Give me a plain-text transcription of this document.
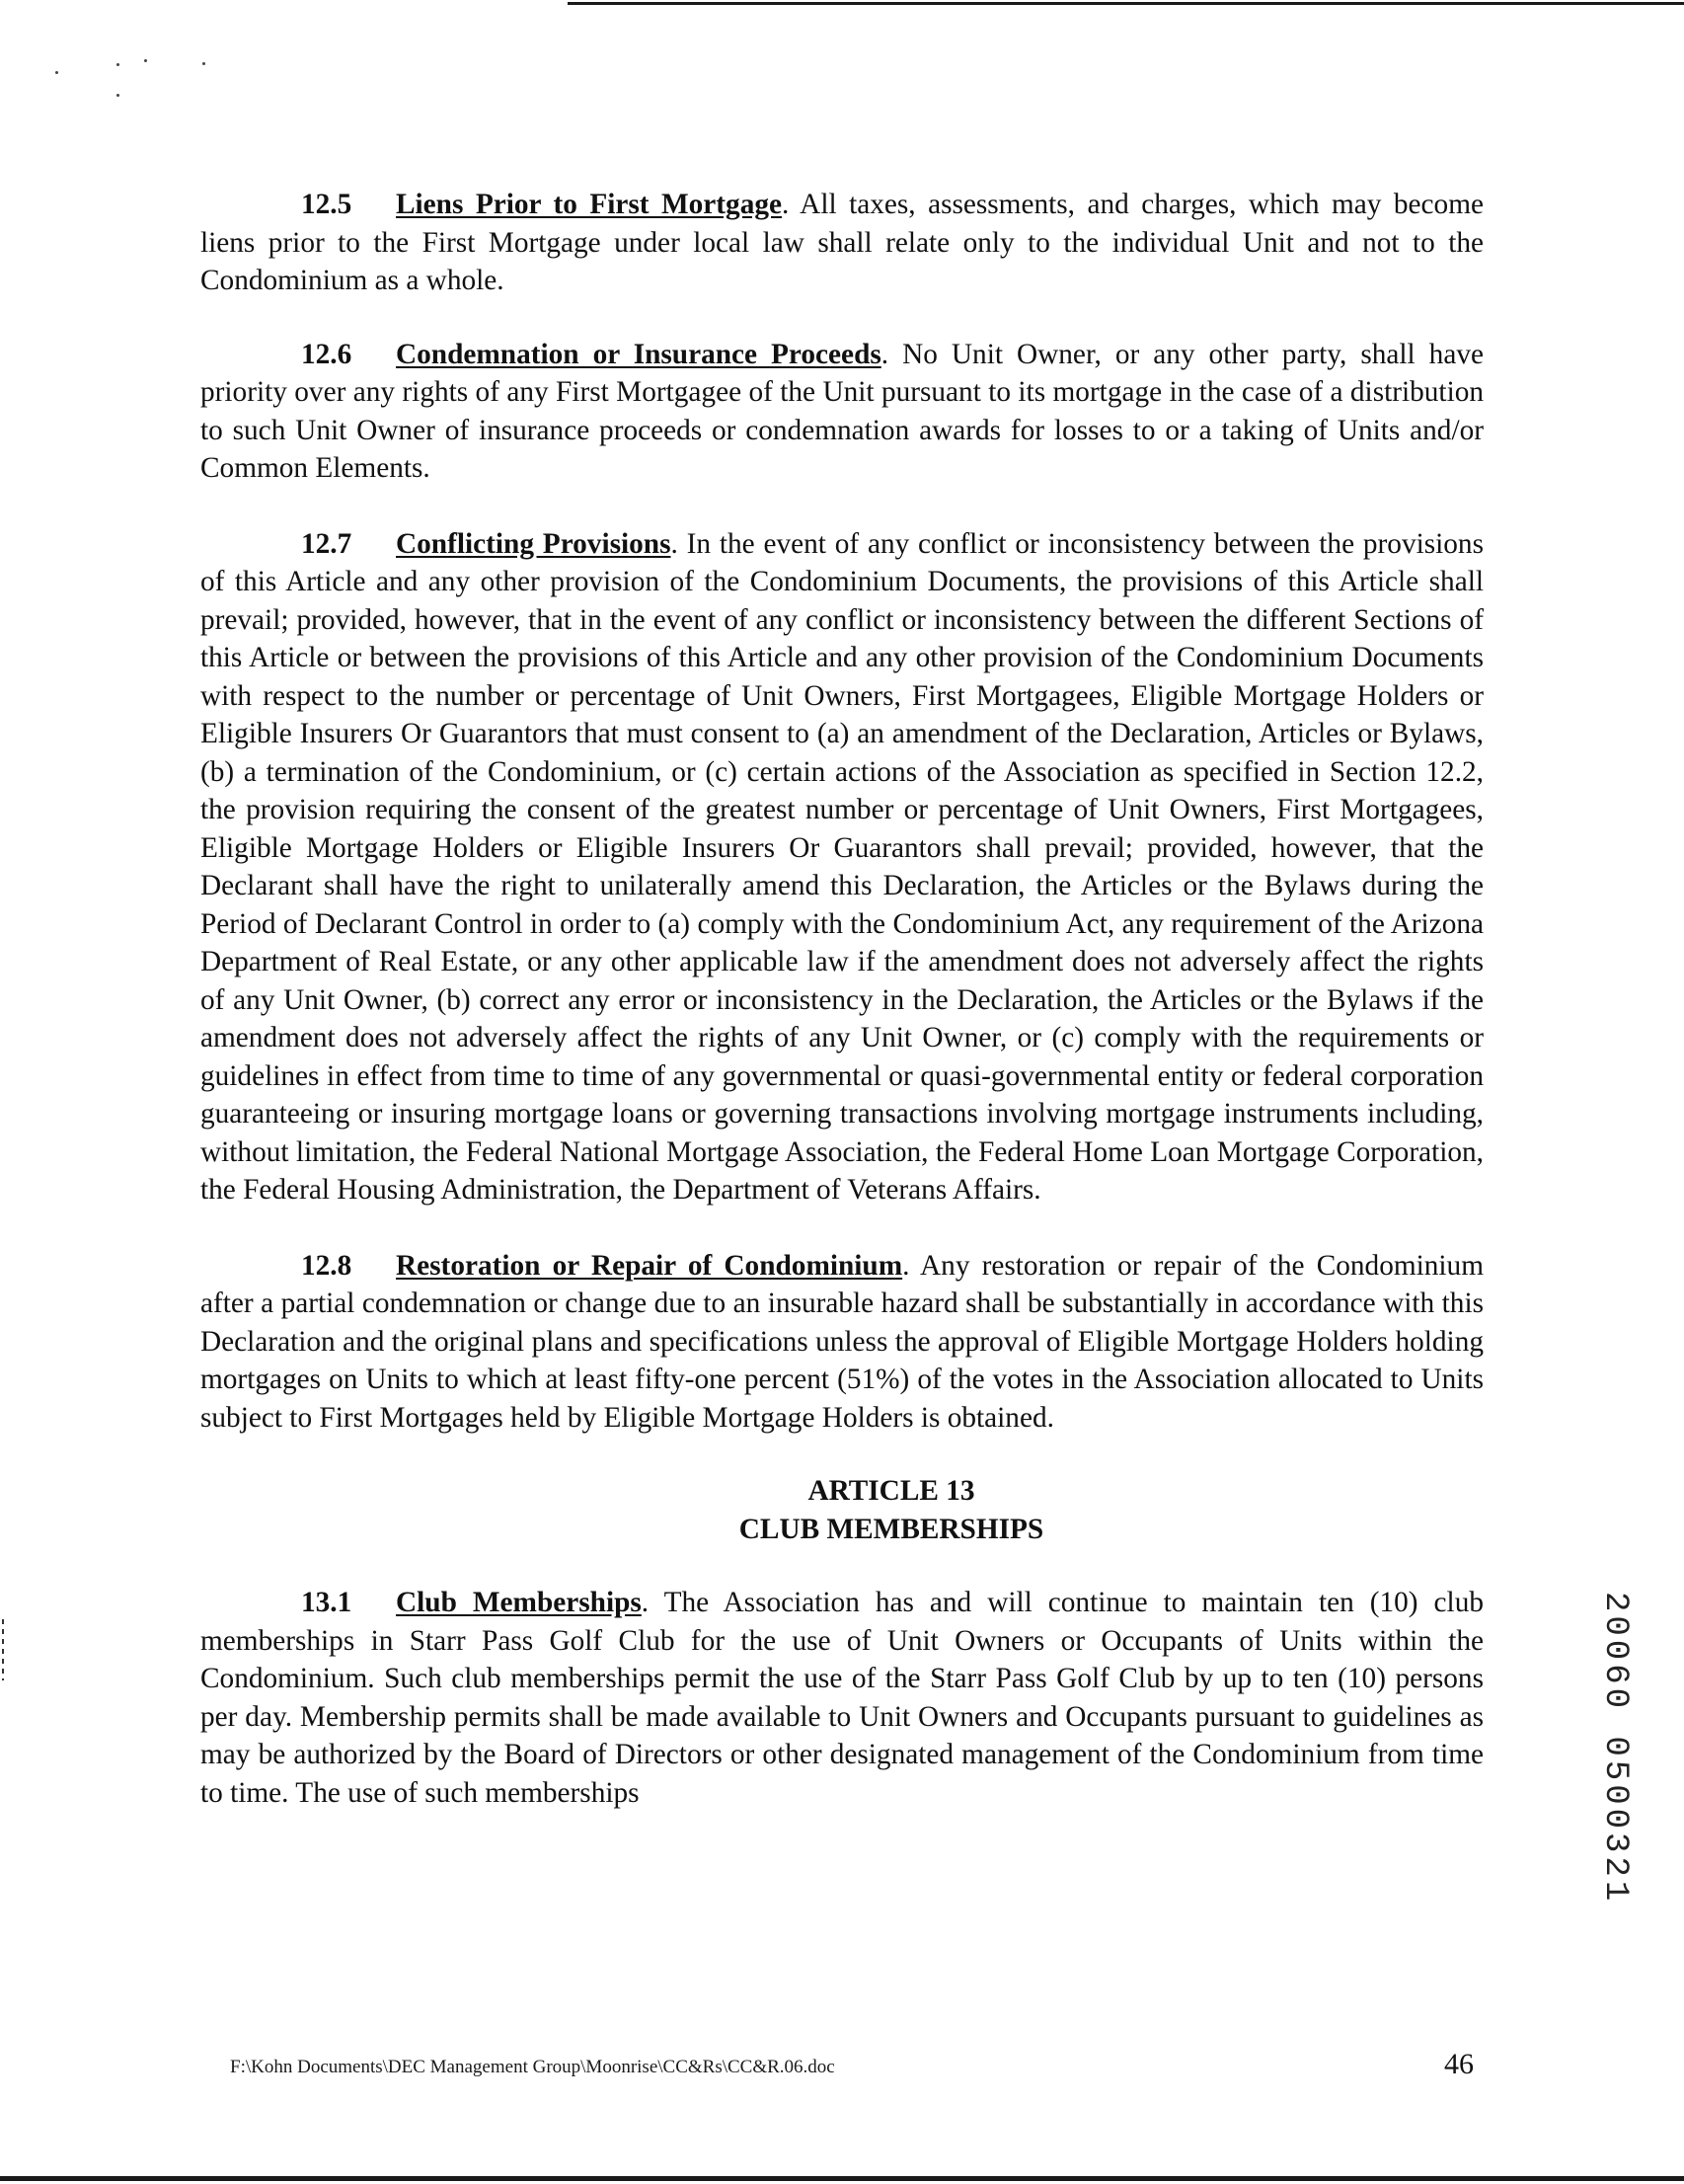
12.5 Liens Prior to First Mortgage. All taxes, assessments, and charges, which may become liens prior to the First Mortgage under local law shall relate only to the individual Unit and not to the Condominium as a whole.

12.6 Condemnation or Insurance Proceeds. No Unit Owner, or any other party, shall have priority over any rights of any First Mortgagee of the Unit pursuant to its mortgage in the case of a distribution to such Unit Owner of insurance proceeds or condemnation awards for losses to or a taking of Units and/or Common Elements.

12.7 Conflicting Provisions. In the event of any conflict or inconsistency between the provisions of this Article and any other provision of the Condominium Documents, the provisions of this Article shall prevail; provided, however, that in the event of any conflict or inconsistency between the different Sections of this Article or between the provisions of this Article and any other provision of the Condominium Documents with respect to the number or percentage of Unit Owners, First Mortgagees, Eligible Mortgage Holders or Eligible Insurers Or Guarantors that must consent to (a) an amendment of the Declaration, Articles or Bylaws, (b) a termination of the Condominium, or (c) certain actions of the Association as specified in Section 12.2, the provision requiring the consent of the greatest number or percentage of Unit Owners, First Mortgagees, Eligible Mortgage Holders or Eligible Insurers Or Guarantors shall prevail; provided, however, that the Declarant shall have the right to unilaterally amend this Declaration, the Articles or the Bylaws during the Period of Declarant Control in order to (a) comply with the Condominium Act, any requirement of the Arizona Department of Real Estate, or any other applicable law if the amendment does not adversely affect the rights of any Unit Owner, (b) correct any error or inconsistency in the Declaration, the Articles or the Bylaws if the amendment does not adversely affect the rights of any Unit Owner, or (c) comply with the requirements or guidelines in effect from time to time of any governmental or quasi-governmental entity or federal corporation guaranteeing or insuring mortgage loans or governing transactions involving mortgage instruments including, without limitation, the Federal National Mortgage Association, the Federal Home Loan Mortgage Corporation, the Federal Housing Administration, the Department of Veterans Affairs.

12.8 Restoration or Repair of Condominium. Any restoration or repair of the Condominium after a partial condemnation or change due to an insurable hazard shall be substantially in accordance with this Declaration and the original plans and specifications unless the approval of Eligible Mortgage Holders holding mortgages on Units to which at least fifty-one percent (51%) of the votes in the Association allocated to Units subject to First Mortgages held by Eligible Mortgage Holders is obtained.

ARTICLE 13
CLUB MEMBERSHIPS

13.1 Club Memberships. The Association has and will continue to maintain ten (10) club memberships in Starr Pass Golf Club for the use of Unit Owners or Occupants of Units within the Condominium. Such club memberships permit the use of the Starr Pass Golf Club by up to ten (10) persons per day. Membership permits shall be made available to Unit Owners and Occupants pursuant to guidelines as may be authorized by the Board of Directors or other designated management of the Condominium from time to time. The use of such memberships

F:\Kohn Documents\DEC Management Group\Moonrise\CC&Rs\CC&R.06.doc	46
20060 0500321
